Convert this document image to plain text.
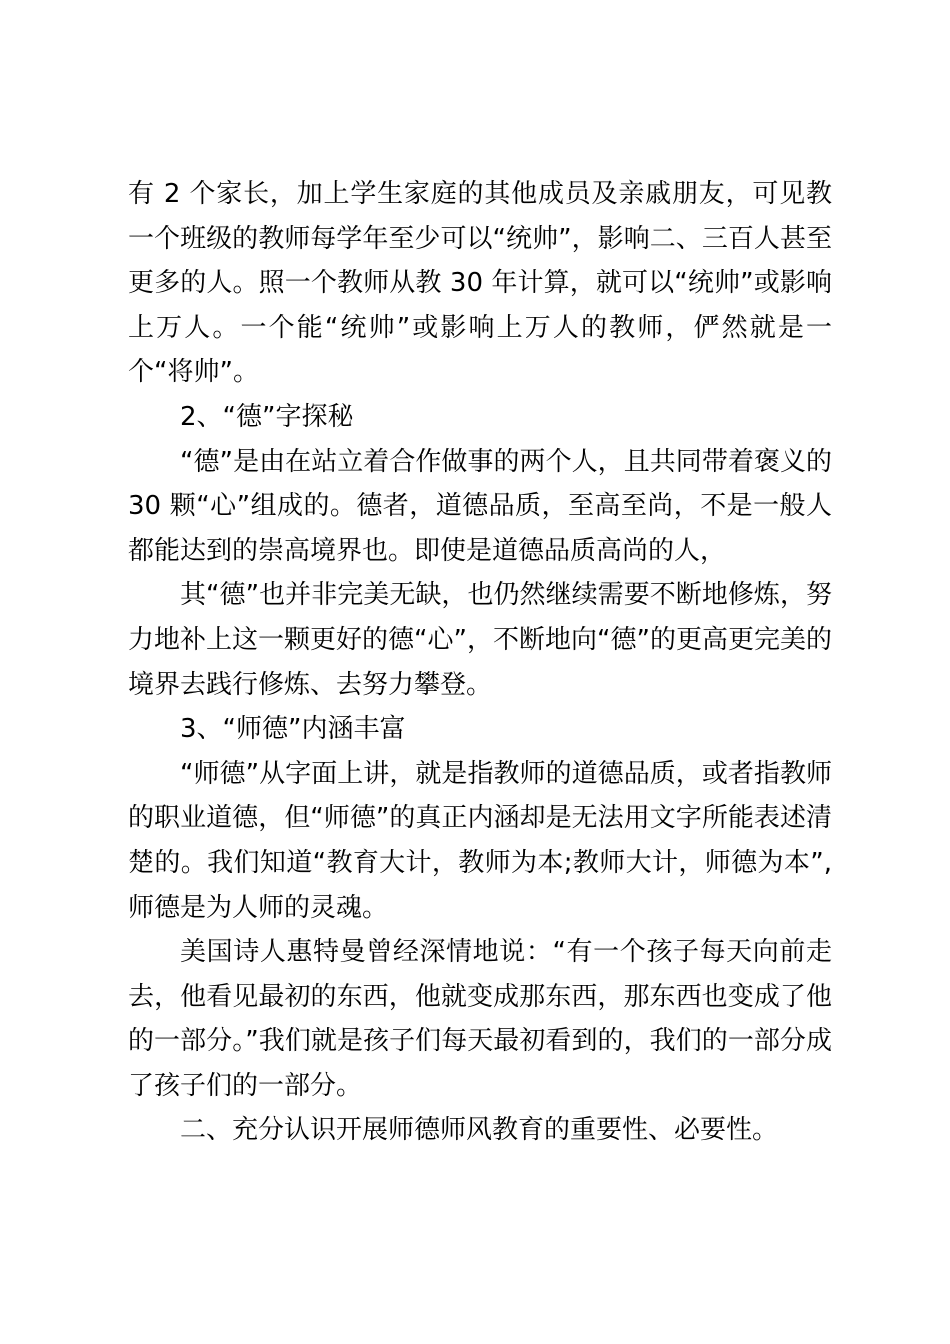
有 2 个家长，加上学生家庭的其他成员及亲戚朋友，可见教一个班级的教师每学年至少可以“统帅”，影响二、三百人甚至更多的人。照一个教师从教 30 年计算，就可以“统帅”或影响上万人。一个能“统帅”或影响上万人的教师，俨然就是一个“将帅”。

2、“德”字探秘

“德”是由在站立着合作做事的两个人，且共同带着褒义的 30 颗“心”组成的。德者，道德品质，至高至尚，不是一般人都能达到的崇高境界也。即使是道德品质高尚的人，

其“德”也并非完美无缺，也仍然继续需要不断地修炼，努力地补上这一颗更好的德“心”，不断地向“德”的更高更完美的境界去践行修炼、去努力攀登。

3、“师德”内涵丰富

“师德”从字面上讲，就是指教师的道德品质，或者指教师的职业道德，但“师德”的真正内涵却是无法用文字所能表述清楚的。我们知道“教育大计，教师为本;教师大计，师德为本”,师德是为人师的灵魂。

美国诗人惠特曼曾经深情地说：“有一个孩子每天向前走去，他看见最初的东西，他就变成那东西，那东西也变成了他的一部分。”我们就是孩子们每天最初看到的，我们的一部分成了孩子们的一部分。

二、充分认识开展师德师风教育的重要性、必要性。
